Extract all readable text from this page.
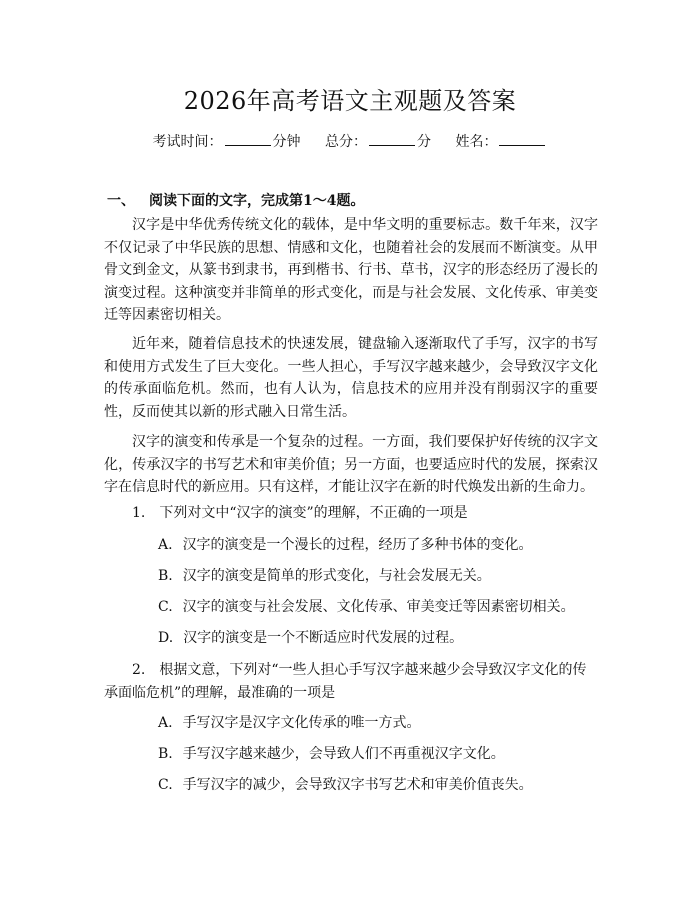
2026年高考语文主观题及答案
考试时间：	分钟 总分：	分 姓名：
一、 阅读下面的文字，完成第1～4题。

汉字是中华优秀传统文化的载体，是中华文明的重要标志。数千年来，汉字不仅记录了中华民族的思想、情感和文化，也随着社会的发展而不断演变。从甲骨文到金文，从篆书到隶书，再到楷书、行书、草书，汉字的形态经历了漫长的演变过程。这种演变并非简单的形式变化，而是与社会发展、文化传承、审美变迁等因素密切相关。

近年来，随着信息技术的快速发展，键盘输入逐渐取代了手写，汉字的书写和使用方式发生了巨大变化。一些人担心，手写汉字越来越少，会导致汉字文化的传承面临危机。然而，也有人认为，信息技术的应用并没有削弱汉字的重要性，反而使其以新的形式融入日常生活。

汉字的演变和传承是一个复杂的过程。一方面，我们要保护好传统的汉字文化，传承汉字的书写艺术和审美价值；另一方面，也要适应时代的发展，探索汉字在信息时代的新应用。只有这样，才能让汉字在新的时代焕发出新的生命力。

1. 下列对文中“汉字的演变”的理解，不正确的一项是

A. 汉字的演变是一个漫长的过程，经历了多种书体的变化。
B. 汉字的演变是简单的形式变化，与社会发展无关。
C. 汉字的演变与社会发展、文化传承、审美变迁等因素密切相关。
D. 汉字的演变是一个不断适应时代发展的过程。

2. 根据文意，下列对“一些人担心手写汉字越来越少会导致汉字文化的传承面临危机”的理解，最准确的一项是

A. 手写汉字是汉字文化传承的唯一方式。
B. 手写汉字越来越少，会导致人们不再重视汉字文化。
C. 手写汉字的减少，会导致汉字书写艺术和审美价值丧失。
